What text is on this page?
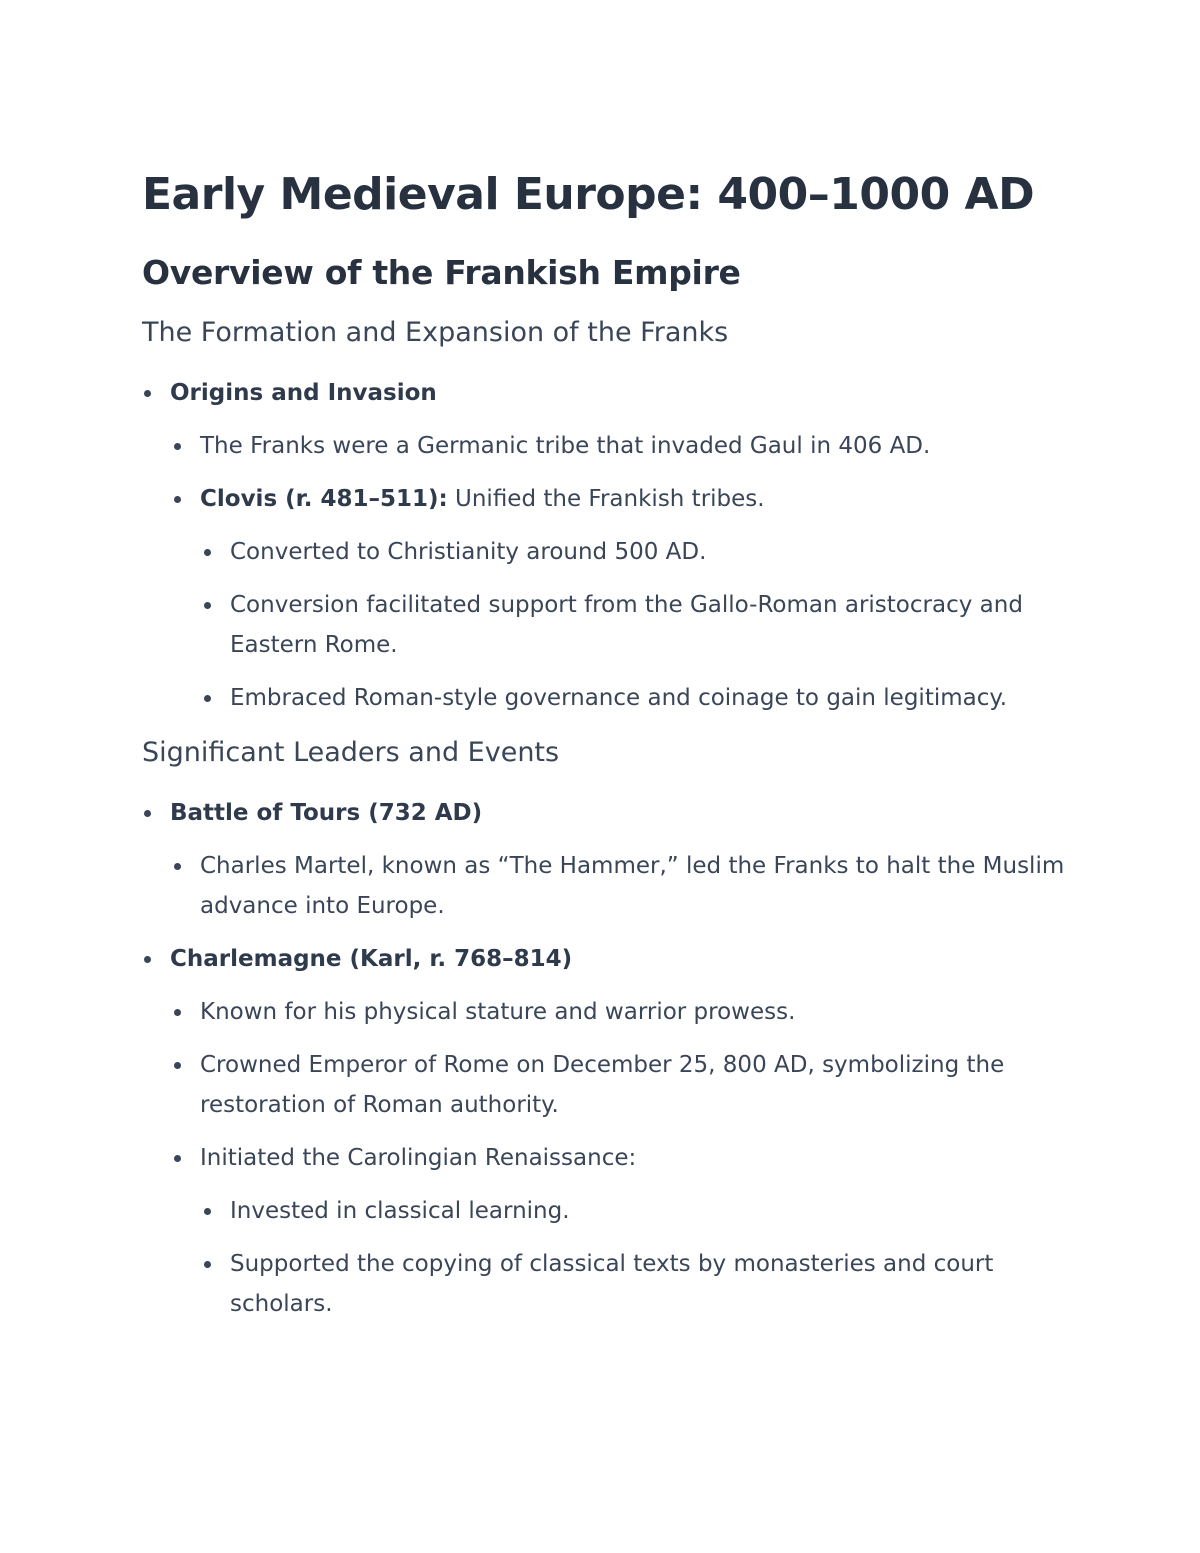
Early Medieval Europe: 400–1000 AD
Overview of the Frankish Empire
The Formation and Expansion of the Franks
Origins and Invasion
The Franks were a Germanic tribe that invaded Gaul in 406 AD.
Clovis (r. 481–511): Unified the Frankish tribes.
Converted to Christianity around 500 AD.
Conversion facilitated support from the Gallo-Roman aristocracy and Eastern Rome.
Embraced Roman-style governance and coinage to gain legitimacy.
Significant Leaders and Events
Battle of Tours (732 AD)
Charles Martel, known as “The Hammer,” led the Franks to halt the Muslim advance into Europe.
Charlemagne (Karl, r. 768–814)
Known for his physical stature and warrior prowess.
Crowned Emperor of Rome on December 25, 800 AD, symbolizing the restoration of Roman authority.
Initiated the Carolingian Renaissance:
Invested in classical learning.
Supported the copying of classical texts by monasteries and court scholars.
